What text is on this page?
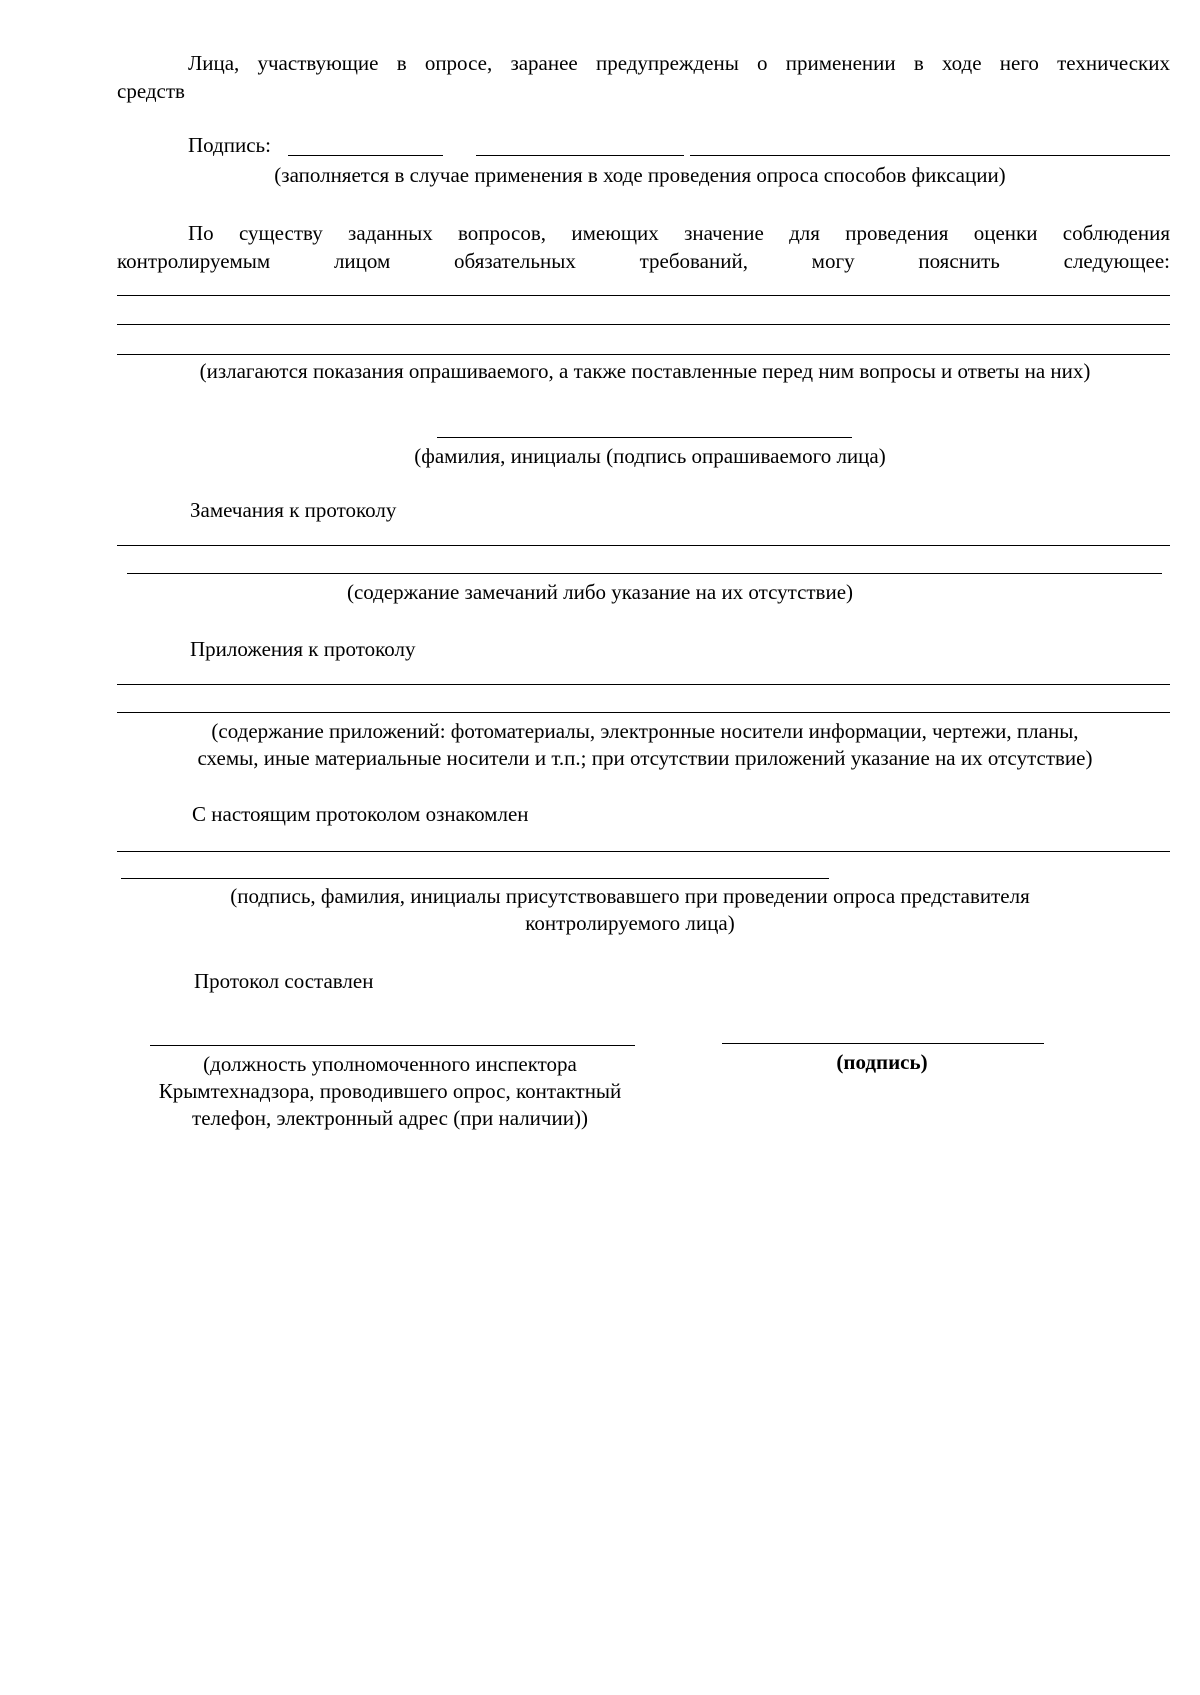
Лица, участвующие в опросе, заранее предупреждены о применении в ходе него технических
средств
Подпись:
(заполняется в случае применения в ходе проведения опроса способов фиксации)
По существу заданных вопросов, имеющих значение для проведения оценки соблюдения
контролируемым лицом обязательных требований, могу пояснить следующее:
(излагаются показания опрашиваемого, а также поставленные перед ним вопросы и ответы на них)
(фамилия, инициалы (подпись опрашиваемого лица)
Замечания к протоколу
(содержание замечаний либо указание на их отсутствие)
Приложения к протоколу
(содержание приложений: фотоматериалы, электронные носители информации, чертежи, планы,
схемы, иные материальные носители и т.п.; при отсутствии приложений указание на их отсутствие)
С настоящим протоколом ознакомлен
(подпись, фамилия, инициалы присутствовавшего при проведении опроса представителя
контролируемого лица)
Протокол составлен
(должность уполномоченного инспектора
Крымтехнадзора, проводившего опрос, контактный
телефон, электронный адрес (при наличии))
(подпись)
